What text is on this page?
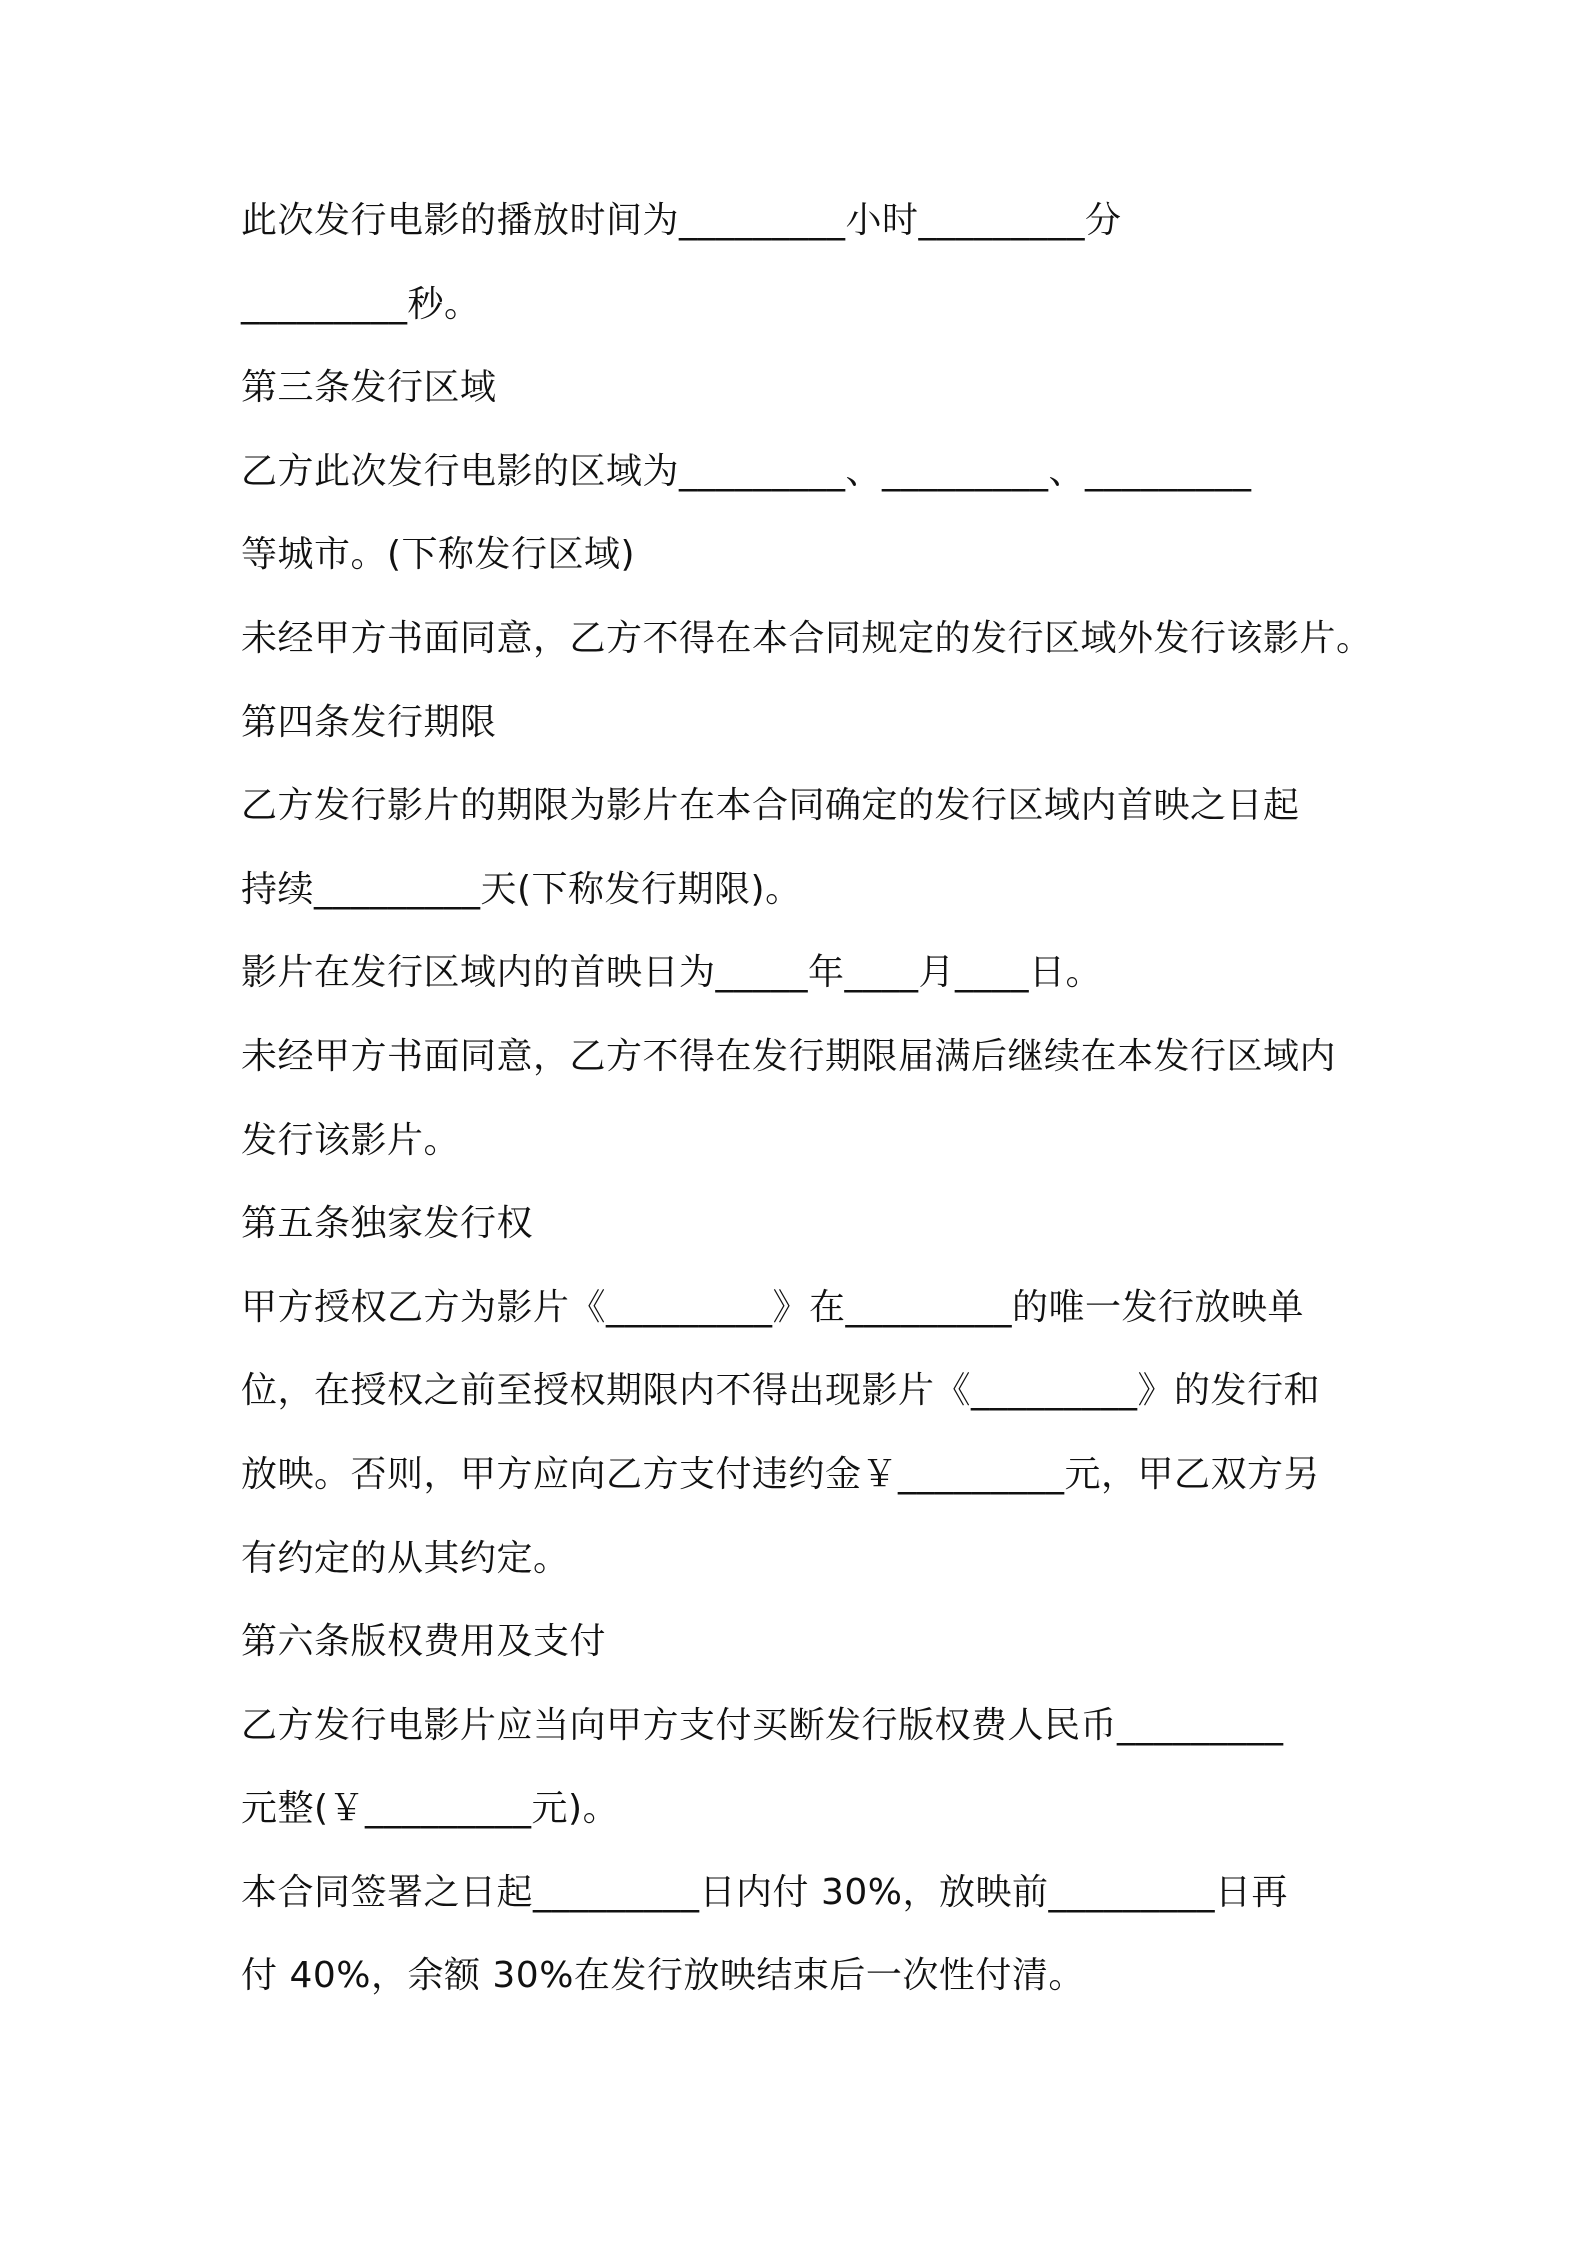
此次发行电影的播放时间为_________小时_________分
_________秒。
第三条发行区域
乙方此次发行电影的区域为_________、_________、_________
等城市。(下称发行区域)
未经甲方书面同意，乙方不得在本合同规定的发行区域外发行该影片。
第四条发行期限
乙方发行影片的期限为影片在本合同确定的发行区域内首映之日起
持续_________天(下称发行期限)。
影片在发行区域内的首映日为_____年____月____日。
未经甲方书面同意，乙方不得在发行期限届满后继续在本发行区域内
发行该影片。
第五条独家发行权
甲方授权乙方为影片《_________》在_________的唯一发行放映单
位，在授权之前至授权期限内不得出现影片《_________》的发行和
放映。否则，甲方应向乙方支付违约金￥_________元，甲乙双方另
有约定的从其约定。
第六条版权费用及支付
乙方发行电影片应当向甲方支付买断发行版权费人民币_________
元整(￥_________元)。
本合同签署之日起_________日内付 30%，放映前_________日再
付 40%，余额 30%在发行放映结束后一次性付清。
